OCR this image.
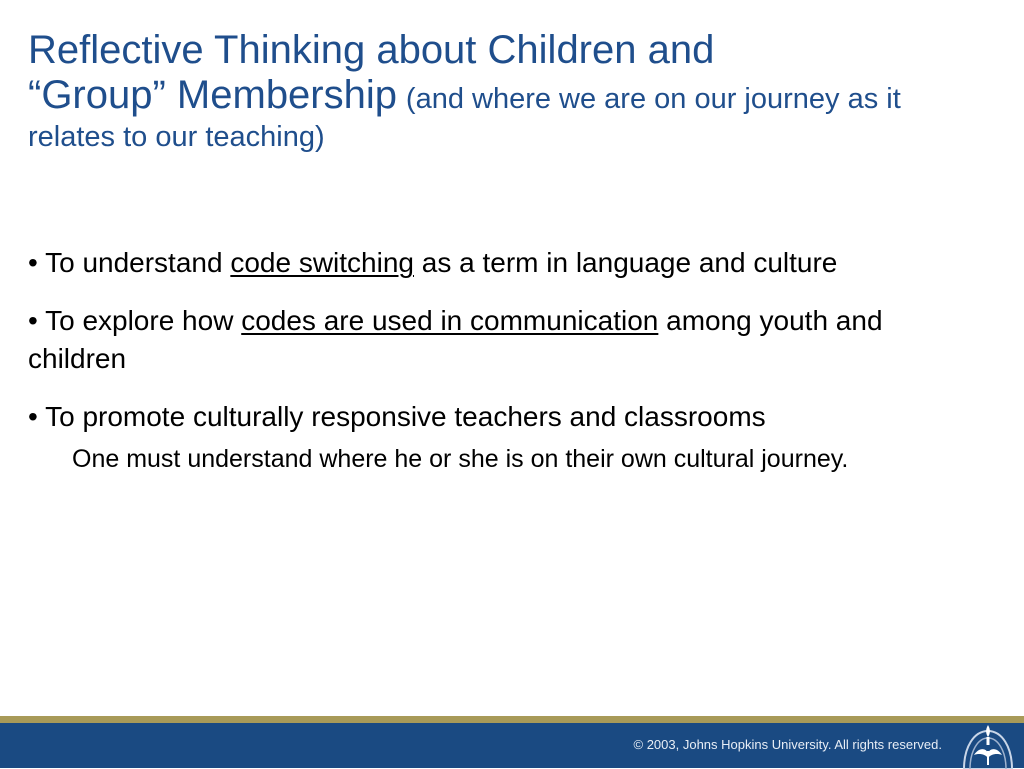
Reflective Thinking about Children and
“Group” Membership (and where we are on our journey as it relates to our teaching)

• To understand code switching as a term in language and culture

• To explore how codes are used in communication among youth and children

• To promote culturally responsive teachers and classrooms

One must understand where he or she is on their own cultural journey.

© 2003, Johns Hopkins University. All rights reserved.
